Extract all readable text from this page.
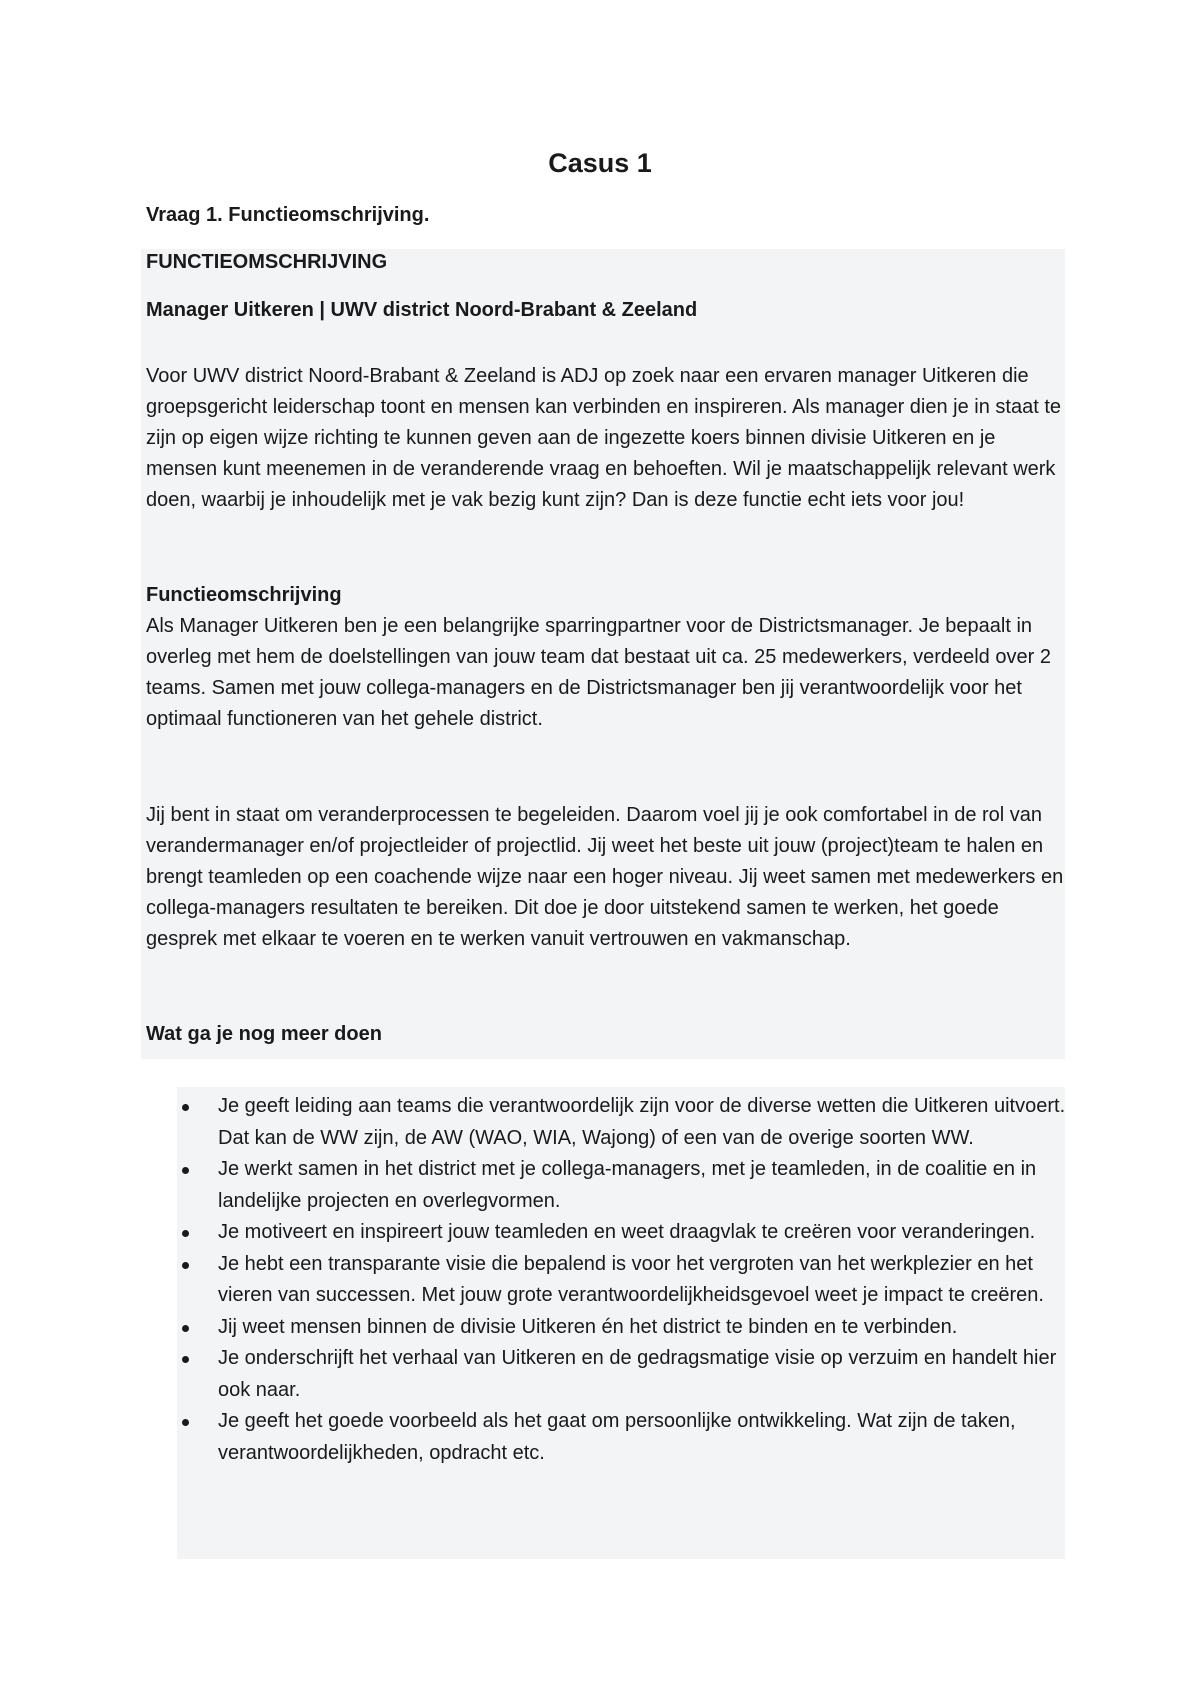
Casus 1
Vraag 1. Functieomschrijving.
FUNCTIEOMSCHRIJVING
Manager Uitkeren | UWV district Noord-Brabant & Zeeland

Voor UWV district Noord-Brabant & Zeeland is ADJ op zoek naar een ervaren manager Uitkeren die groepsgericht leiderschap toont en mensen kan verbinden en inspireren. Als manager dien je in staat te zijn op eigen wijze richting te kunnen geven aan de ingezette koers binnen divisie Uitkeren en je mensen kunt meenemen in de veranderende vraag en behoeften. Wil je maatschappelijk relevant werk doen, waarbij je inhoudelijk met je vak bezig kunt zijn? Dan is deze functie echt iets voor jou!

Functieomschrijving

Als Manager Uitkeren ben je een belangrijke sparringpartner voor de Districtsmanager. Je bepaalt in overleg met hem de doelstellingen van jouw team dat bestaat uit ca. 25 medewerkers, verdeeld over 2 teams. Samen met jouw collega-managers en de Districtsmanager ben jij verantwoordelijk voor het optimaal functioneren van het gehele district.

Jij bent in staat om veranderprocessen te begeleiden. Daarom voel jij je ook comfortabel in de rol van verandermanager en/of projectleider of projectlid. Jij weet het beste uit jouw (project)team te halen en brengt teamleden op een coachende wijze naar een hoger niveau. Jij weet samen met medewerkers en collega-managers resultaten te bereiken. Dit doe je door uitstekend samen te werken, het goede gesprek met elkaar te voeren en te werken vanuit vertrouwen en vakmanschap.

Wat ga je nog meer doen
Je geeft leiding aan teams die verantwoordelijk zijn voor de diverse wetten die Uitkeren uitvoert. Dat kan de WW zijn, de AW (WAO, WIA, Wajong) of een van de overige soorten WW.
Je werkt samen in het district met je collega-managers, met je teamleden, in de coalitie en in landelijke projecten en overlegvormen.
Je motiveert en inspireert jouw teamleden en weet draagvlak te creëren voor veranderingen.
Je hebt een transparante visie die bepalend is voor het vergroten van het werkplezier en het vieren van successen. Met jouw grote verantwoordelijkheidsgevoel weet je impact te creëren.
Jij weet mensen binnen de divisie Uitkeren én het district te binden en te verbinden.
Je onderschrijft het verhaal van Uitkeren en de gedragsmatige visie op verzuim en handelt hier ook naar.
Je geeft het goede voorbeeld als het gaat om persoonlijke ontwikkeling. Wat zijn de taken, verantwoordelijkheden, opdracht etc.
